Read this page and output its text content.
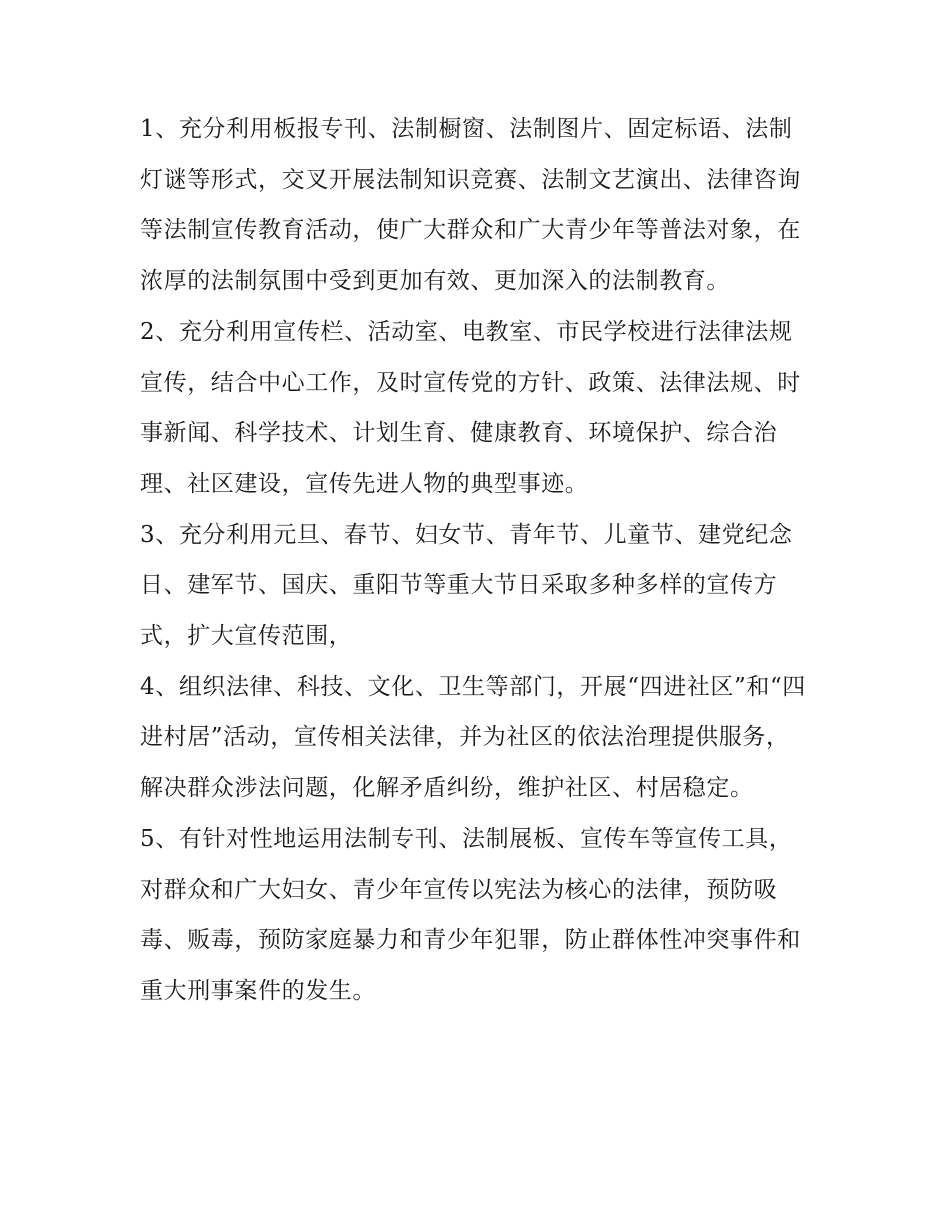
1、充分利用板报专刊、法制橱窗、法制图片、固定标语、法制灯谜等形式，交叉开展法制知识竞赛、法制文艺演出、法律咨询等法制宣传教育活动，使广大群众和广大青少年等普法对象，在浓厚的法制氛围中受到更加有效、更加深入的法制教育。

2、充分利用宣传栏、活动室、电教室、市民学校进行法律法规宣传，结合中心工作，及时宣传党的方针、政策、法律法规、时事新闻、科学技术、计划生育、健康教育、环境保护、综合治理、社区建设，宣传先进人物的典型事迹。

3、充分利用元旦、春节、妇女节、青年节、儿童节、建党纪念日、建军节、国庆、重阳节等重大节日采取多种多样的宣传方式，扩大宣传范围，

4、组织法律、科技、文化、卫生等部门，开展“四进社区”和“四进村居”活动，宣传相关法律，并为社区的依法治理提供服务，解决群众涉法问题，化解矛盾纠纷，维护社区、村居稳定。

5、有针对性地运用法制专刊、法制展板、宣传车等宣传工具，对群众和广大妇女、青少年宣传以宪法为核心的法律，预防吸毒、贩毒，预防家庭暴力和青少年犯罪，防止群体性冲突事件和重大刑事案件的发生。
